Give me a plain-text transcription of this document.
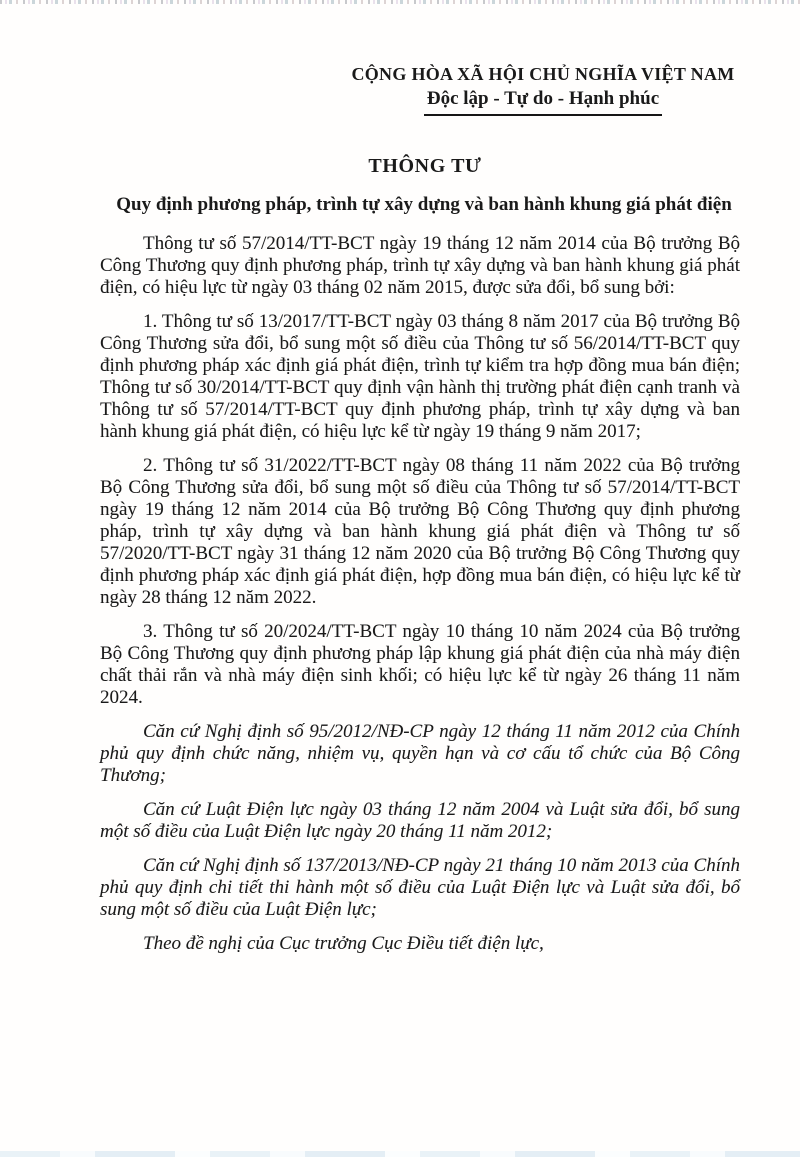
CỘNG HÒA XÃ HỘI CHỦ NGHĨA VIỆT NAM
Độc lập - Tự do - Hạnh phúc
THÔNG TƯ
Quy định phương pháp, trình tự xây dựng và ban hành khung giá phát điện

Thông tư số 57/2014/TT-BCT ngày 19 tháng 12 năm 2014 của Bộ trưởng Bộ Công Thương quy định phương pháp, trình tự xây dựng và ban hành khung giá phát điện, có hiệu lực từ ngày 03 tháng 02 năm 2015, được sửa đổi, bổ sung bởi:

1. Thông tư số 13/2017/TT-BCT ngày 03 tháng 8 năm 2017 của Bộ trưởng Bộ Công Thương sửa đổi, bổ sung một số điều của Thông tư số 56/2014/TT-BCT quy định phương pháp xác định giá phát điện, trình tự kiểm tra hợp đồng mua bán điện; Thông tư số 30/2014/TT-BCT quy định vận hành thị trường phát điện cạnh tranh và Thông tư số 57/2014/TT-BCT quy định phương pháp, trình tự xây dựng và ban hành khung giá phát điện, có hiệu lực kể từ ngày 19 tháng 9 năm 2017;

2. Thông tư số 31/2022/TT-BCT ngày 08 tháng 11 năm 2022 của Bộ trưởng Bộ Công Thương sửa đổi, bổ sung một số điều của Thông tư số 57/2014/TT-BCT ngày 19 tháng 12 năm 2014 của Bộ trưởng Bộ Công Thương quy định phương pháp, trình tự xây dựng và ban hành khung giá phát điện và Thông tư số 57/2020/TT-BCT ngày 31 tháng 12 năm 2020 của Bộ trưởng Bộ Công Thương quy định phương pháp xác định giá phát điện, hợp đồng mua bán điện, có hiệu lực kể từ ngày 28 tháng 12 năm 2022.

3. Thông tư số 20/2024/TT-BCT ngày 10 tháng 10 năm 2024 của Bộ trưởng Bộ Công Thương quy định phương pháp lập khung giá phát điện của nhà máy điện chất thải rắn và nhà máy điện sinh khối; có hiệu lực kể từ ngày 26 tháng 11 năm 2024.

Căn cứ Nghị định số 95/2012/NĐ-CP ngày 12 tháng 11 năm 2012 của Chính phủ quy định chức năng, nhiệm vụ, quyền hạn và cơ cấu tổ chức của Bộ Công Thương;

Căn cứ Luật Điện lực ngày 03 tháng 12 năm 2004 và Luật sửa đổi, bổ sung một số điều của Luật Điện lực ngày 20 tháng 11 năm 2012;

Căn cứ Nghị định số 137/2013/NĐ-CP ngày 21 tháng 10 năm 2013 của Chính phủ quy định chi tiết thi hành một số điều của Luật Điện lực và Luật sửa đổi, bổ sung một số điều của Luật Điện lực;

Theo đề nghị của Cục trưởng Cục Điều tiết điện lực,
